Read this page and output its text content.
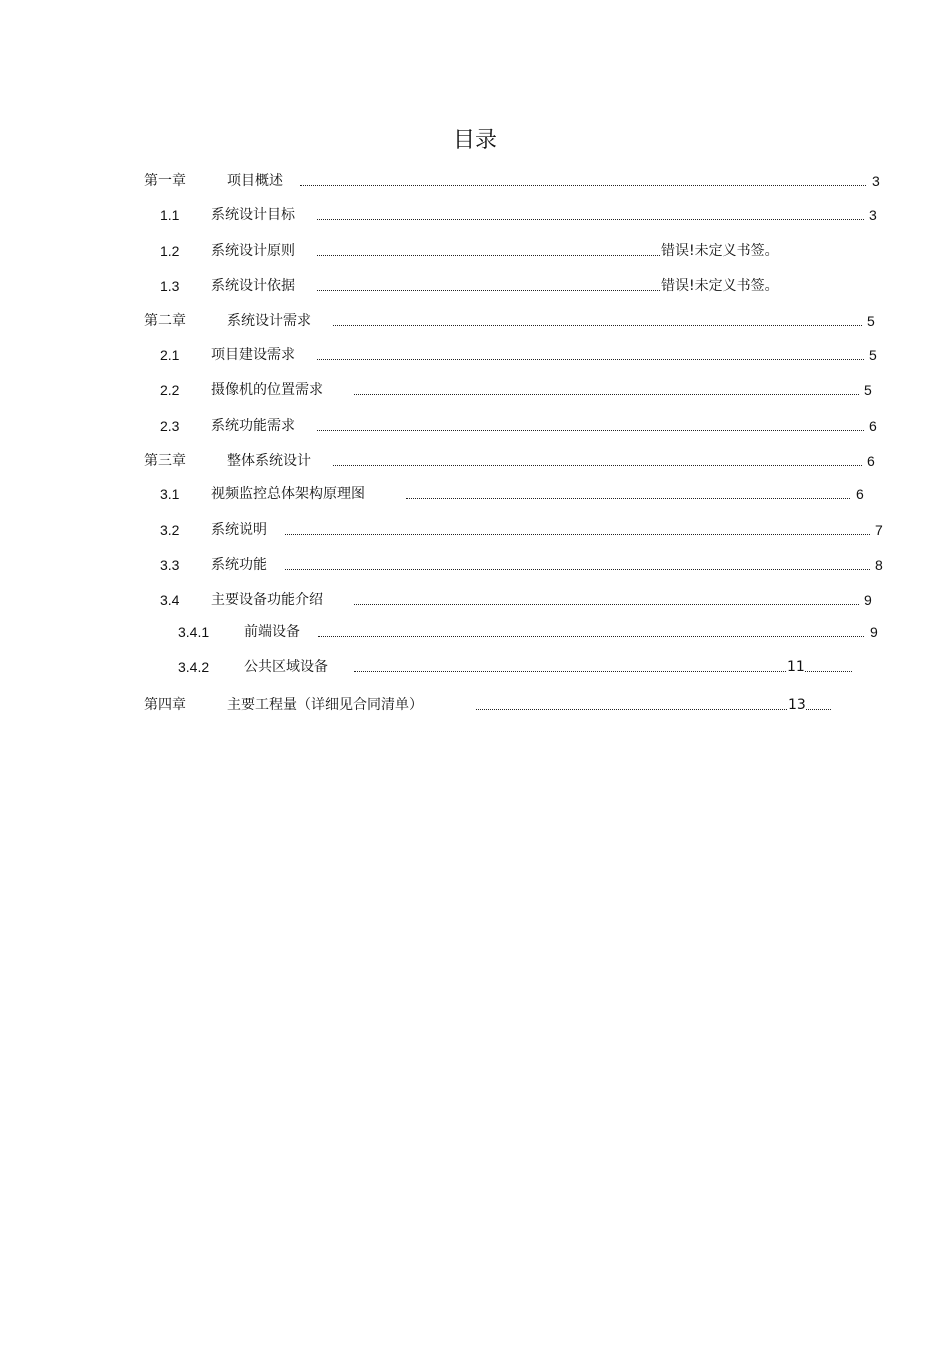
目录
第一章	项目概述	3
1.1 系统设计目标	3
1.2 系统设计原则	错误!未定义书签。
1.3 系统设计依据	错误!未定义书签。
第二章	系统设计需求	5
2.1 项目建设需求	5
2.2 摄像机的位置需求	5
2.3 系统功能需求	6
第三章	整体系统设计	6
3.1 视频监控总体架构原理图	6
3.2 系统说明	7
3.3 系统功能	8
3.4 主要设备功能介绍	9
3.4.1 前端设备	9
3.4.2 公共区域设备	11
第四章	主要工程量（详细见合同清单）	13
